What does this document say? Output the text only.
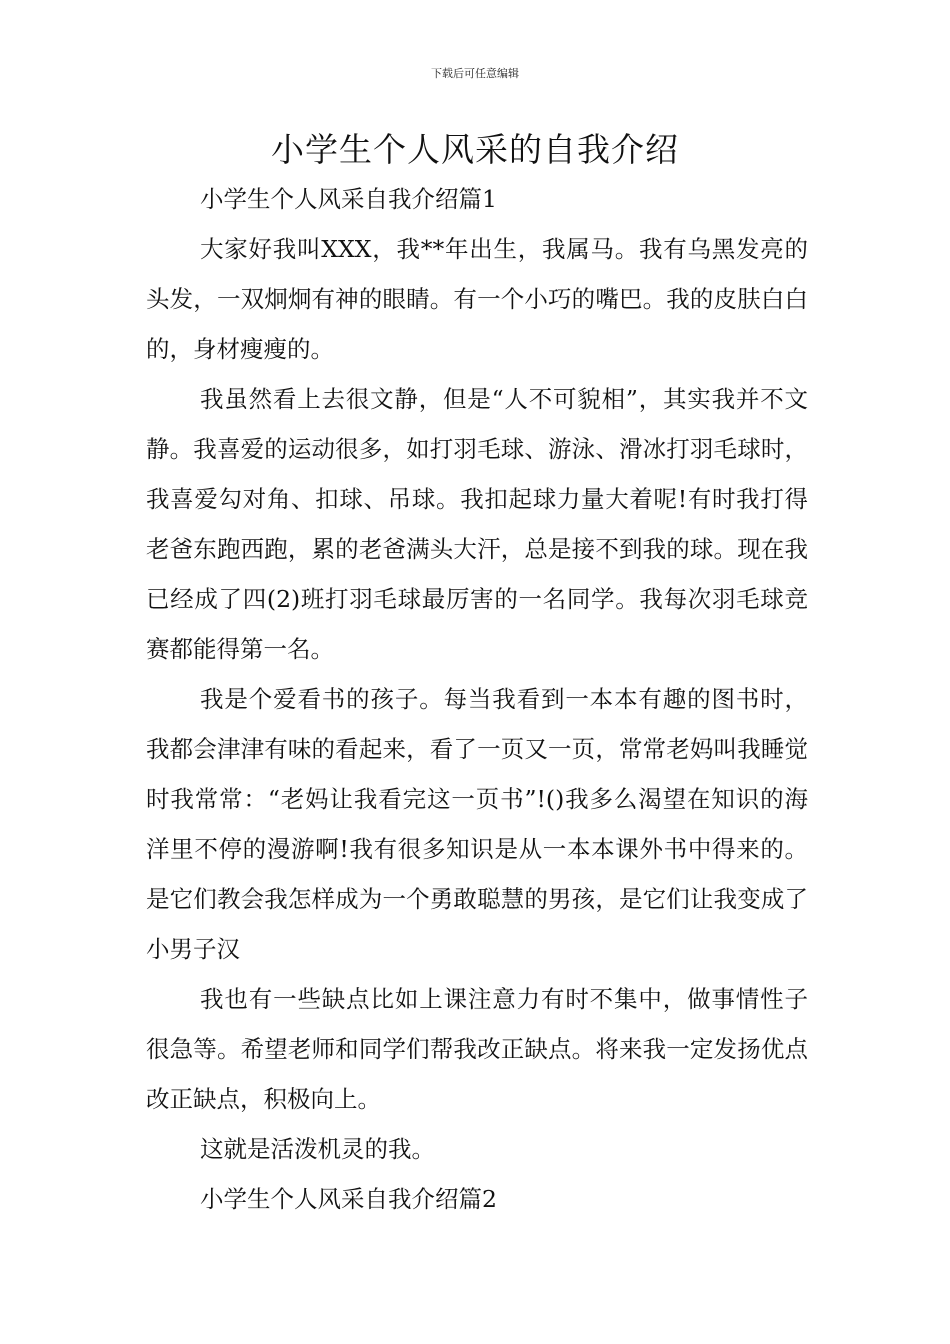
下载后可任意编辑
小学生个人风采的自我介绍

小学生个人风采自我介绍篇1

大家好我叫XXX，我**年出生，我属马。我有乌黑发亮的头发，一双炯炯有神的眼睛。有一个小巧的嘴巴。我的皮肤白白的，身材瘦瘦的。

我虽然看上去很文静，但是“人不可貌相”，其实我并不文静。我喜爱的运动很多，如打羽毛球、游泳、滑冰打羽毛球时，我喜爱勾对角、扣球、吊球。我扣起球力量大着呢!有时我打得老爸东跑西跑，累的老爸满头大汗，总是接不到我的球。现在我已经成了四(2)班打羽毛球最厉害的一名同学。我每次羽毛球竞赛都能得第一名。

我是个爱看书的孩子。每当我看到一本本有趣的图书时，我都会津津有味的看起来，看了一页又一页，常常老妈叫我睡觉时我常常：“老妈让我看完这一页书”!()我多么渴望在知识的海洋里不停的漫游啊!我有很多知识是从一本本课外书中得来的。是它们教会我怎样成为一个勇敢聪慧的男孩，是它们让我变成了小男子汉

我也有一些缺点比如上课注意力有时不集中，做事情性子很急等。希望老师和同学们帮我改正缺点。将来我一定发扬优点改正缺点，积极向上。

这就是活泼机灵的我。

小学生个人风采自我介绍篇2
